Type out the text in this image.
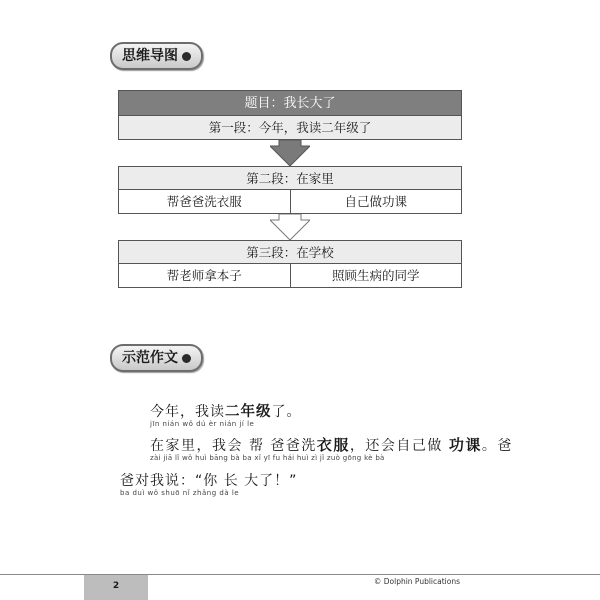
思维导图
题目：我长大了
第一段：今年，我读二年级了
第二段：在家里
帮爸爸洗衣服	自己做功课
第三段：在学校
帮老师拿本子	照顾生病的同学
示范作文
今年，我读二年级了。
jīn nián wǒ dú èr nián jí le
在家里，我会 帮 爸爸洗衣服，还会自己做 功课。爸
zài jiā lǐ wǒ huì bāng bà ba xǐ yī fu hái huì zì jǐ zuò gōng kè bà
爸对我说：“你 长 大了！”
ba duì wǒ shuō nǐ zhǎng dà le
2	© Dolphin Publications
